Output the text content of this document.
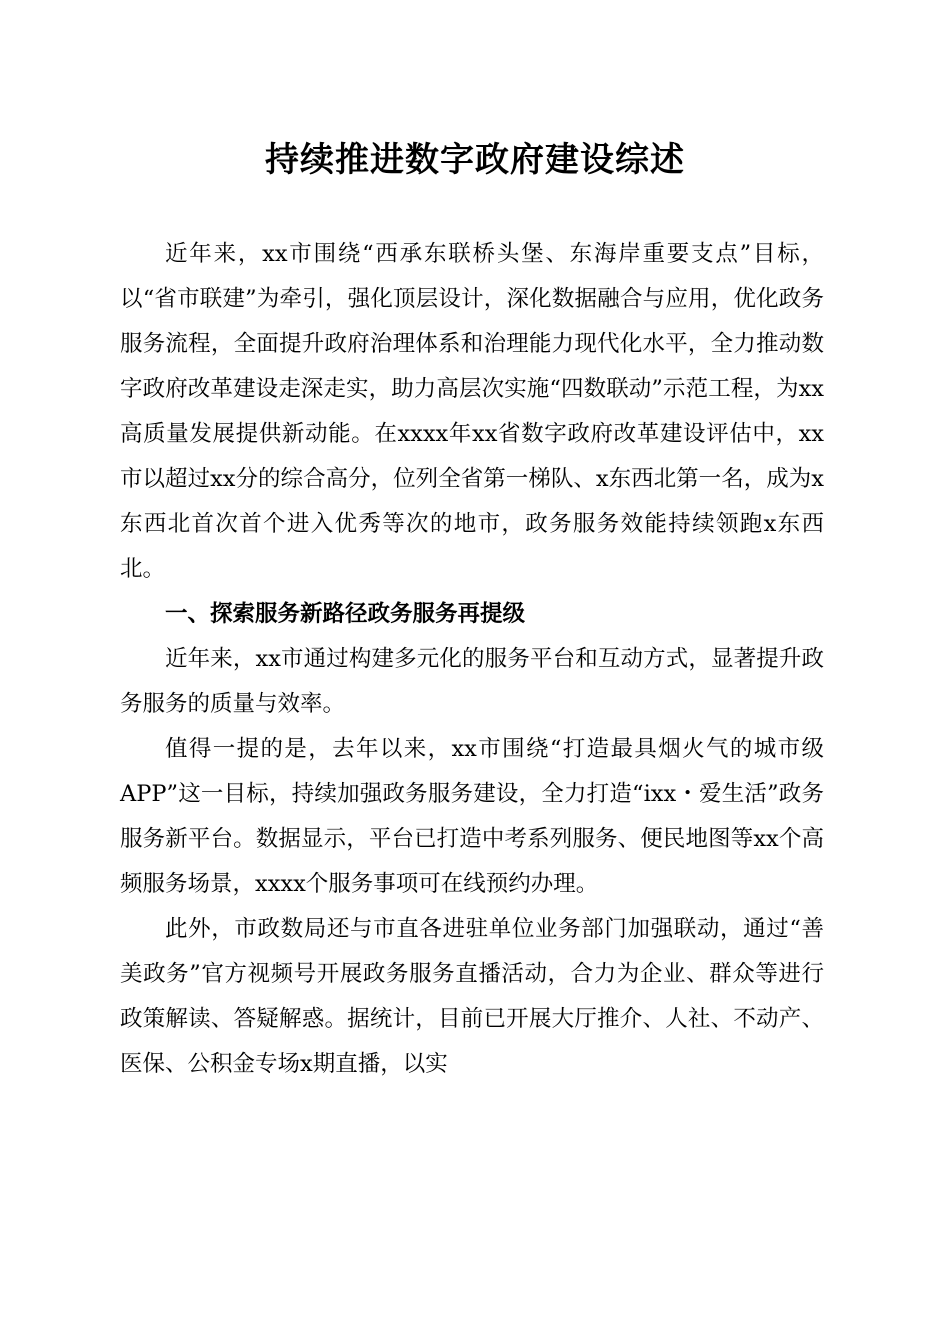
持续推进数字政府建设综述

近年来，xx市围绕“西承东联桥头堡、东海岸重要支点”目标，以“省市联建”为牵引，强化顶层设计，深化数据融合与应用，优化政务服务流程，全面提升政府治理体系和治理能力现代化水平，全力推动数字政府改革建设走深走实，助力高层次实施“四数联动”示范工程，为xx高质量发展提供新动能。在xxxx年xx省数字政府改革建设评估中，xx市以超过xx分的综合高分，位列全省第一梯队、x东西北第一名，成为x东西北首次首个进入优秀等次的地市，政务服务效能持续领跑x东西北。

一、探索服务新路径政务服务再提级

近年来，xx市通过构建多元化的服务平台和互动方式，显著提升政务服务的质量与效率。

值得一提的是，去年以来，xx市围绕“打造最具烟火气的城市级APP”这一目标，持续加强政务服务建设，全力打造“ixx・爱生活”政务服务新平台。数据显示，平台已打造中考系列服务、便民地图等xx个高频服务场景，xxxx个服务事项可在线预约办理。

此外，市政数局还与市直各进驻单位业务部门加强联动，通过“善美政务”官方视频号开展政务服务直播活动，合力为企业、群众等进行政策解读、答疑解惑。据统计，目前已开展大厅推介、人社、不动产、医保、公积金专场x期直播，以实
